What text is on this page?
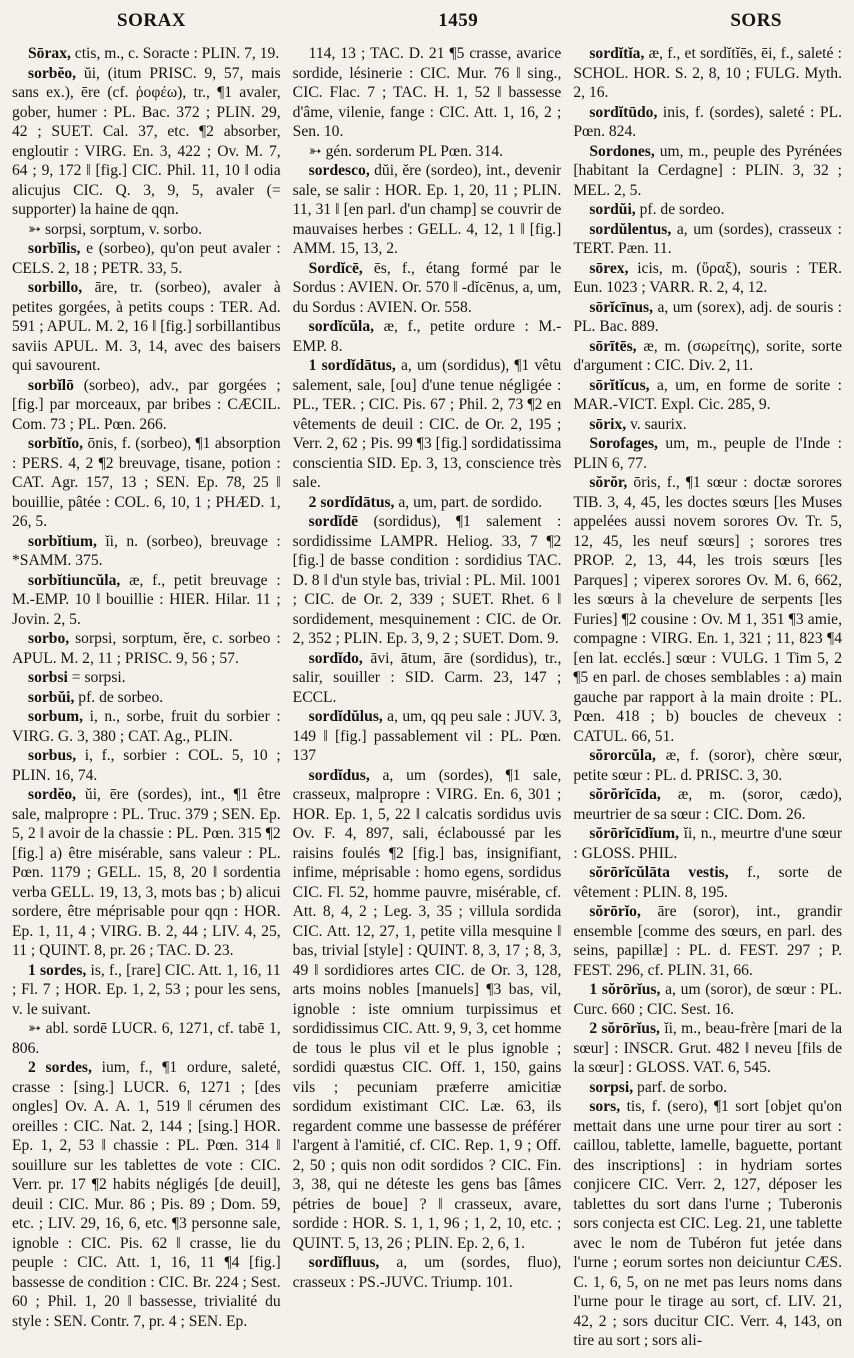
SORAX	1459	SORS

Sōrax, ctis, m., c. Soracte : PLIN. 7, 19.

sorbĕo, ŭi, (itum PRISC. 9, 57, mais sans ex.), ēre (cf. ῥοφέω), tr., ¶1 avaler, gober, humer : PL. Bac. 372 ; PLIN. 29, 42 ; SUET. Cal. 37, etc. ¶2 absorber, engloutir : VIRG. En. 3, 422 ; Ov. M. 7, 64 ; 9, 172 ‖ [fig.] CIC. Phil. 11, 10 ‖ odia alicujus CIC. Q. 3, 9, 5, avaler (= supporter) la haine de qqn.

➳ sorpsi, sorptum, v. sorbo.

sorbĭlis, e (sorbeo), qu'on peut avaler : CELS. 2, 18 ; PETR. 33, 5.

sorbillo, āre, tr. (sorbeo), avaler à petites gorgées, à petits coups : TER. Ad. 591 ; APUL. M. 2, 16 ‖ [fig.] sorbillantibus saviis APUL. M. 3, 14, avec des baisers qui savourent.

sorbĭlō (sorbeo), adv., par gorgées ; [fig.] par morceaux, par bribes : CÆCIL. Com. 73 ; PL. Pœn. 266.

sorbĭtĭo, ōnis, f. (sorbeo), ¶1 absorption : PERS. 4, 2 ¶2 breuvage, tisane, potion : CAT. Agr. 157, 13 ; SEN. Ep. 78, 25 ‖ bouillie, pâtée : COL. 6, 10, 1 ; PHÆD. 1, 26, 5.

sorbĭtium, ĭi, n. (sorbeo), breuvage : *SAMM. 375.

sorbĭtiuncŭla, æ, f., petit breuvage : M.-EMP. 10 ‖ bouillie : HIER. Hilar. 11 ; Jovin. 2, 5.

sorbo, sorpsi, sorptum, ĕre, c. sorbeo : APUL. M. 2, 11 ; PRISC. 9, 56 ; 57.

sorbsi = sorpsi.

sorbŭi, pf. de sorbeo.

sorbum, i, n., sorbe, fruit du sorbier : VIRG. G. 3, 380 ; CAT. Ag., PLIN.

sorbus, i, f., sorbier : COL. 5, 10 ; PLIN. 16, 74.

sordĕo, ŭi, ēre (sordes), int., ¶1 être sale, malpropre : PL. Truc. 379 ; SEN. Ep. 5, 2 ‖ avoir de la chassie : PL. Pœn. 315 ¶2 [fig.] a) être misérable, sans valeur : PL. Pœn. 1179 ; GELL. 15, 8, 20 ‖ sordentia verba GELL. 19, 13, 3, mots bas ; b) alicui sordere, être méprisable pour qqn : HOR. Ep. 1, 11, 4 ; VIRG. B. 2, 44 ; LIV. 4, 25, 11 ; QUINT. 8, pr. 26 ; TAC. D. 23.

1 sordes, is, f., [rare] CIC. Att. 1, 16, 11 ; Fl. 7 ; HOR. Ep. 1, 2, 53 ; pour les sens, v. le suivant.

➳ abl. sordē LUCR. 6, 1271, cf. tabē 1, 806.

2 sordes, ium, f., ¶1 ordure, saleté, crasse : [sing.] LUCR. 6, 1271 ; [des ongles] Ov. A. A. 1, 519 ‖ cérumen des oreilles : CIC. Nat. 2, 144 ; [sing.] HOR. Ep. 1, 2, 53 ‖ chassie : PL. Pœn. 314 ‖ souillure sur les tablettes de vote : CIC. Verr. pr. 17 ¶2 habits négligés [de deuil], deuil : CIC. Mur. 86 ; Pis. 89 ; Dom. 59, etc. ; LIV. 29, 16, 6, etc. ¶3 personne sale, ignoble : CIC. Pis. 62 ‖ crasse, lie du peuple : CIC. Att. 1, 16, 11 ¶4 [fig.] bassesse de condition : CIC. Br. 224 ; Sest. 60 ; Phil. 1, 20 ‖ bassesse, trivialité du style : SEN. Contr. 7, pr. 4 ; SEN. Ep.

114, 13 ; TAC. D. 21 ¶5 crasse, avarice sordide, lésinerie : CIC. Mur. 76 ‖ sing., CIC. Flac. 7 ; TAC. H. 1, 52 ‖ bassesse d'âme, vilenie, fange : CIC. Att. 1, 16, 2 ; Sen. 10.

➳ gén. sorderum PL Pœn. 314.

sordesco, dŭi, ĕre (sordeo), int., devenir sale, se salir : HOR. Ep. 1, 20, 11 ; PLIN. 11, 31 ‖ [en parl. d'un champ] se couvrir de mauvaises herbes : GELL. 4, 12, 1 ‖ [fig.] AMM. 15, 13, 2.

Sordĭcē, ēs, f., étang formé par le Sordus : AVIEN. Or. 570 ‖ -dĭcēnus, a, um, du Sordus : AVIEN. Or. 558.

sordĭcŭla, æ, f., petite ordure : M.-EMP. 8.

1 sordĭdātus, a, um (sordidus), ¶1 vêtu salement, sale, [ou] d'une tenue négligée : PL., TER. ; CIC. Pis. 67 ; Phil. 2, 73 ¶2 en vêtements de deuil : CIC. de Or. 2, 195 ; Verr. 2, 62 ; Pis. 99 ¶3 [fig.] sordidatissima conscientia SID. Ep. 3, 13, conscience très sale.

2 sordĭdātus, a, um, part. de sordido.

sordĭdē (sordidus), ¶1 salement : sordidissime LAMPR. Heliog. 33, 7 ¶2 [fig.] de basse condition : sordidius TAC. D. 8 ‖ d'un style bas, trivial : PL. Mil. 1001 ; CIC. de Or. 2, 339 ; SUET. Rhet. 6 ‖ sordidement, mesquinement : CIC. de Or. 2, 352 ; PLIN. Ep. 3, 9, 2 ; SUET. Dom. 9.

sordĭdo, āvi, ātum, āre (sordidus), tr., salir, souiller : SID. Carm. 23, 147 ; ECCL.

sordĭdŭlus, a, um, qq peu sale : JUV. 3, 149 ‖ [fig.] passablement vil : PL. Pœn. 137

sordĭdus, a, um (sordes), ¶1 sale, crasseux, malpropre : VIRG. En. 6, 301 ; HOR. Ep. 1, 5, 22 ‖ calcatis sordidus uvis Ov. F. 4, 897, sali, éclaboussé par les raisins foulés ¶2 [fig.] bas, insignifiant, infime, méprisable : homo egens, sordidus CIC. Fl. 52, homme pauvre, misérable, cf. Att. 8, 4, 2 ; Leg. 3, 35 ; villula sordida CIC. Att. 12, 27, 1, petite villa mesquine ‖ bas, trivial [style] : QUINT. 8, 3, 17 ; 8, 3, 49 ‖ sordidiores artes CIC. de Or. 3, 128, arts moins nobles [manuels] ¶3 bas, vil, ignoble : iste omnium turpissimus et sordidissimus CIC. Att. 9, 9, 3, cet homme de tous le plus vil et le plus ignoble ; sordidi quæstus CIC. Off. 1, 150, gains vils ; pecuniam præferre amicitiæ sordidum existimant CIC. Læ. 63, ils regardent comme une bassesse de préférer l'argent à l'amitié, cf. CIC. Rep. 1, 9 ; Off. 2, 50 ; quis non odit sordidos ? CIC. Fin. 3, 38, qui ne déteste les gens bas [âmes pétries de boue] ? ‖ crasseux, avare, sordide : HOR. S. 1, 1, 96 ; 1, 2, 10, etc. ; QUINT. 5, 13, 26 ; PLIN. Ep. 2, 6, 1.

sordĭfluus, a, um (sordes, fluo), crasseux : PS.-JUVC. Triump. 101.

sordĭtĭa, æ, f., et sordĭtĭēs, ēi, f., saleté : SCHOL. HOR. S. 2, 8, 10 ; FULG. Myth. 2, 16.

sordĭtūdo, inis, f. (sordes), saleté : PL. Pœn. 824.

Sordones, um, m., peuple des Pyrénées [habitant la Cerdagne] : PLIN. 3, 32 ; MEL. 2, 5.

sordŭi, pf. de sordeo.

sordŭlentus, a, um (sordes), crasseux : TERT. Pæn. 11.

sōrex, icis, m. (ὕραξ), souris : TER. Eun. 1023 ; VARR. R. 2, 4, 12.

sōrĭcīnus, a, um (sorex), adj. de souris : PL. Bac. 889.

sōrītēs, æ, m. (σωρείτης), sorite, sorte d'argument : CIC. Div. 2, 11.

sōrĭtĭcus, a, um, en forme de sorite : MAR.-VICT. Expl. Cic. 285, 9.

sōrix, v. saurix.

Sorofages, um, m., peuple de l'Inde : PLIN 6, 77.

sŏrŏr, ōris, f., ¶1 sœur : doctæ sorores TIB. 3, 4, 45, les doctes sœurs [les Muses appelées aussi novem sorores Ov. Tr. 5, 12, 45, les neuf sœurs] ; sorores tres PROP. 2, 13, 44, les trois sœurs [les Parques] ; viperex sorores Ov. M. 6, 662, les sœurs à la chevelure de serpents [les Furies] ¶2 cousine : Ov. M 1, 351 ¶3 amie, compagne : VIRG. En. 1, 321 ; 11, 823 ¶4 [en lat. ecclés.] sœur : VULG. 1 Tim 5, 2 ¶5 en parl. de choses semblables : a) main gauche par rapport à la main droite : PL. Pœn. 418 ; b) boucles de cheveux : CATUL. 66, 51.

sŏrorcŭla, æ, f. (soror), chère sœur, petite sœur : PL. d. PRISC. 3, 30.

sŏrŏrĭcīda, æ, m. (soror, cædo), meurtrier de sa sœur : CIC. Dom. 26.

sŏrōrĭcīdĭum, ĭi, n., meurtre d'une sœur : GLOSS. PHIL.

sŏrōrĭcŭlāta vestis, f., sorte de vêtement : PLIN. 8, 195.

sŏrōrĭo, āre (soror), int., grandir ensemble [comme des sœurs, en parl. des seins, papillæ] : PL. d. FEST. 297 ; P. FEST. 296, cf. PLIN. 31, 66.

1 sŏrōrĭus, a, um (soror), de sœur : PL. Curc. 660 ; CIC. Sest. 16.

2 sŏrōrĭus, ĭi, m., beau-frère [mari de la sœur] : INSCR. Grut. 482 ‖ neveu [fils de la sœur] : GLOSS. VAT. 6, 545.

sorpsi, parf. de sorbo.

sors, tis, f. (sero), ¶1 sort [objet qu'on mettait dans une urne pour tirer au sort : caillou, tablette, lamelle, baguette, portant des inscriptions] : in hydriam sortes conjicere CIC. Verr. 2, 127, déposer les tablettes du sort dans l'urne ; Tuberonis sors conjecta est CIC. Leg. 21, une tablette avec le nom de Tubéron fut jetée dans l'urne ; eorum sortes non deiciuntur CÆS. C. 1, 6, 5, on ne met pas leurs noms dans l'urne pour le tirage au sort, cf. LIV. 21, 42, 2 ; sors ducitur CIC. Verr. 4, 143, on tire au sort ; sors ali-
